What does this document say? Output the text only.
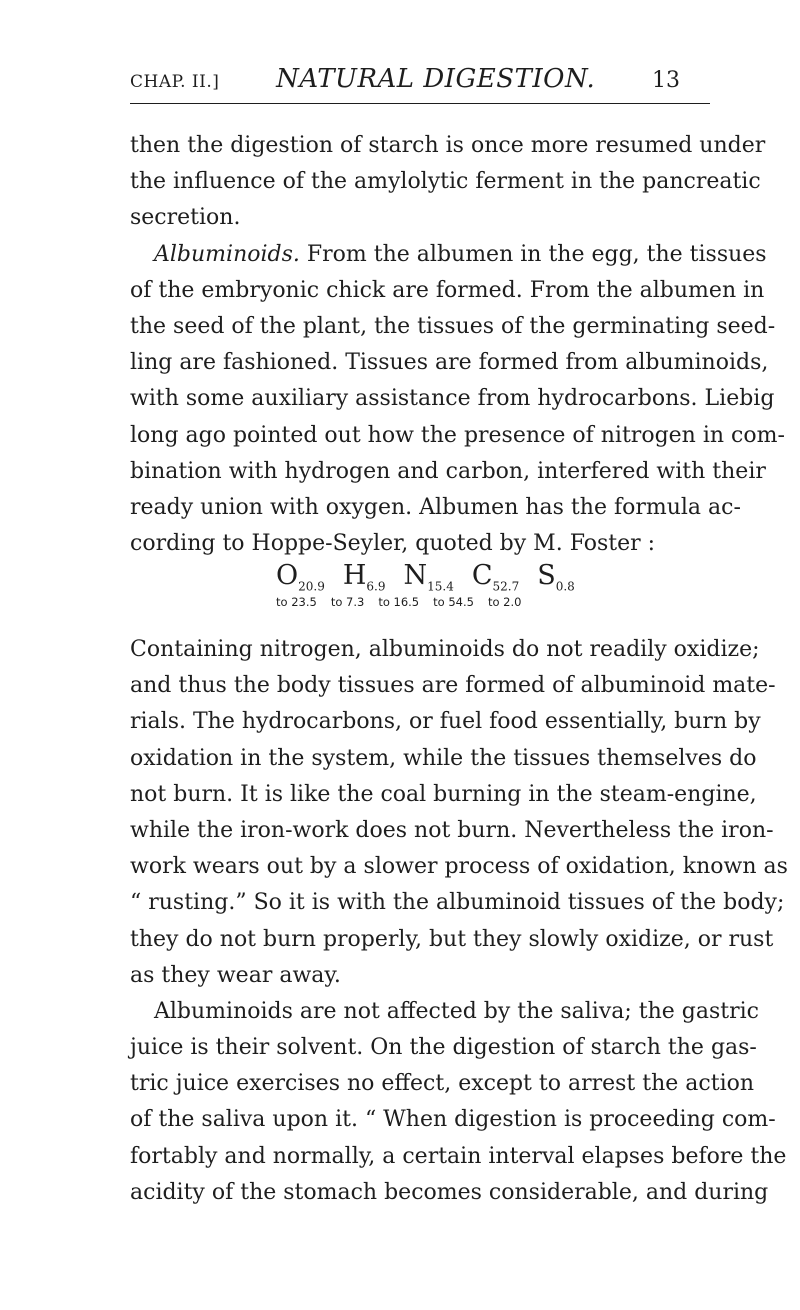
CHAP. II.] NATURAL DIGESTION.	13
then the digestion of starch is once more resumed under
the influence of the amylolytic ferment in the pancreatic
secretion.
Albuminoids. From the albumen in the egg, the tissues
of the embryonic chick are formed. From the albumen in
the seed of the plant, the tissues of the germinating seed-
ling are fashioned. Tissues are formed from albuminoids,
with some auxiliary assistance from hydrocarbons. Liebig
long ago pointed out how the presence of nitrogen in com-
bination with hydrogen and carbon, interfered with their
ready union with oxygen. Albumen has the formula ac-
cording to Hoppe-Seyler, quoted by M. Foster :
$O_{20.9}$ $H_{6.9}$ $N_{15.4}$ $C_{52.7}$ $S_{0.8}$
to 23.5 to 7.3 to 16.5 to 54.5 to 2.0
Containing nitrogen, albuminoids do not readily oxidize;
and thus the body tissues are formed of albuminoid mate-
rials. The hydrocarbons, or fuel food essentially, burn by
oxidation in the system, while the tissues themselves do
not burn. It is like the coal burning in the steam-engine,
while the iron-work does not burn. Nevertheless the iron-
work wears out by a slower process of oxidation, known as
“ rusting.” So it is with the albuminoid tissues of the body;
they do not burn properly, but they slowly oxidize, or rust
as they wear away.
Albuminoids are not affected by the saliva; the gastric
juice is their solvent. On the digestion of starch the gas-
tric juice exercises no effect, except to arrest the action
of the saliva upon it. “ When digestion is proceeding com-
fortably and normally, a certain interval elapses before the
acidity of the stomach becomes considerable, and during
